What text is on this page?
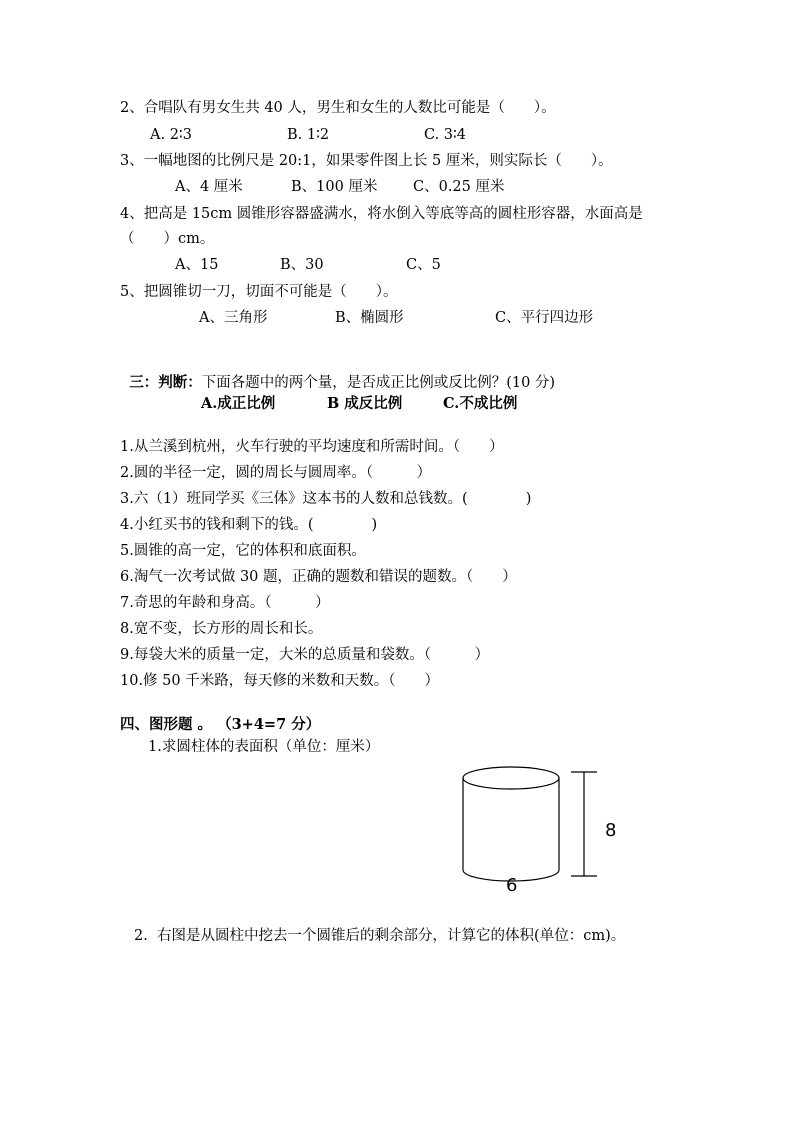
2、合唱队有男女生共 40 人，男生和女生的人数比可能是（　　）。
A. 2∶3	B. 1∶2	C. 3∶4
3、一幅地图的比例尺是 20:1，如果零件图上长 5 厘米，则实际长（　　）。
A、4 厘米	B、100 厘米 C、0.25 厘米
4、把高是 15cm 圆锥形容器盛满水，将水倒入等底等高的圆柱形容器，水面高是
（　　）cm。
A、15	B、30	C、5
5、把圆锥切一刀，切面不可能是（　　）。
A、三角形	B、椭圆形	C、平行四边形

三：判断：下面各题中的两个量，是否成正比例或反比例？(10 分)

A.成正比例	B 成反比例	C.不成比例
1.从兰溪到杭州，火车行驶的平均速度和所需时间。（　　）
2.圆的半径一定，圆的周长与圆周率。（　　　）
3.六（1）班同学买《三体》这本书的人数和总钱数。(　　　　)
4.小红买书的钱和剩下的钱。(　　　　)
5.圆锥的高一定，它的体积和底面积。
6.淘气一次考试做 30 题，正确的题数和错误的题数。（　　）
7.奇思的年龄和身高。（　　　）
8.宽不变，长方形的周长和长。
9.每袋大米的质量一定，大米的总质量和袋数。（　　　）
10.修 50 千米路，每天修的米数和天数。（　　）
四、图形题 。 （3+4=7 分）
1.求圆柱体的表面积（单位：厘米）
8
6
2.  右图是从圆柱中挖去一个圆锥后的剩余部分，计算它的体积(单位：cm)。
